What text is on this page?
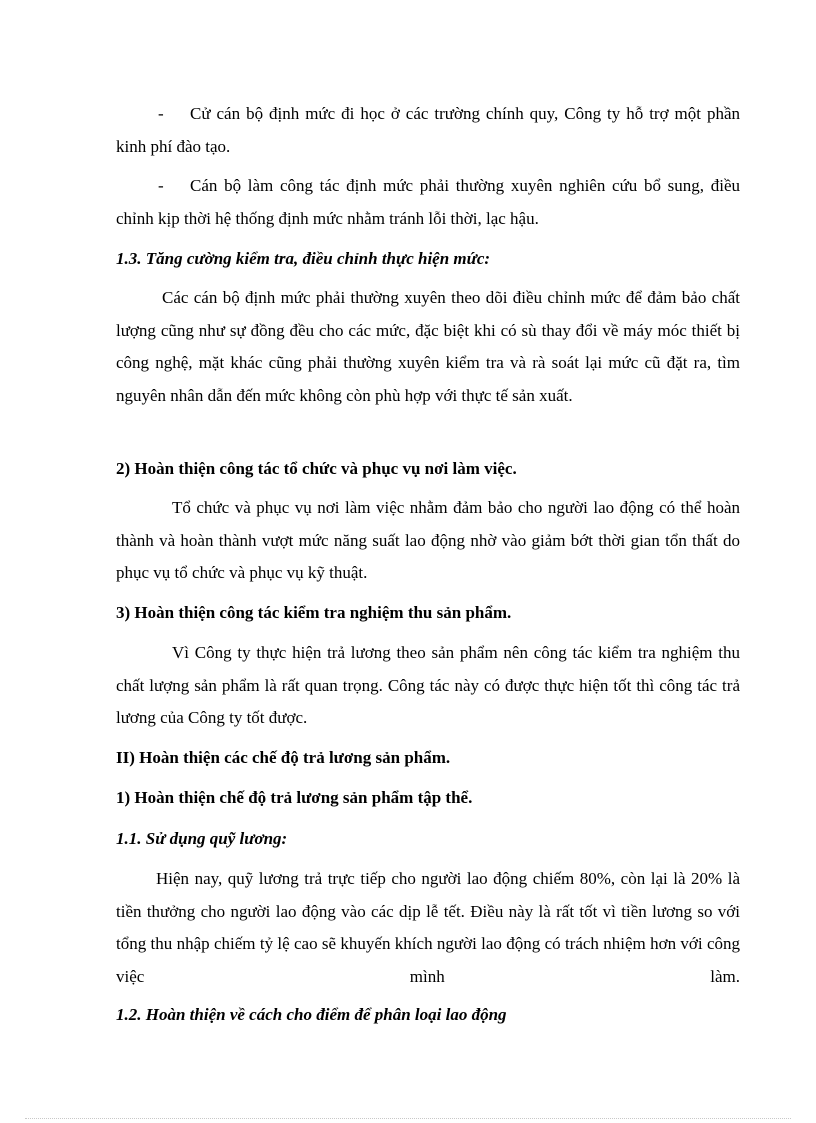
- Cử cán bộ định mức đi học ở các trường chính quy, Công ty hỗ trợ một phần kinh phí đào tạo.

- Cán bộ làm công tác định mức phải thường xuyên nghiên cứu bổ sung, điều chỉnh kịp thời hệ thống định mức nhằm tránh lỗi thời, lạc hậu.

1.3. Tăng cường kiểm tra, điều chỉnh thực hiện mức:

Các cán bộ định mức phải thường xuyên theo dõi điều chỉnh mức để đảm bảo chất lượng cũng như sự đồng đều cho các mức, đặc biệt khi có sù thay đổi về máy móc thiết bị công nghệ, mặt khác cũng phải thường xuyên kiểm tra và rà soát lại mức cũ đặt ra, tìm nguyên nhân dẫn đến mức không còn phù hợp với thực tế sản xuất.

2) Hoàn thiện công tác tổ chức và phục vụ nơi làm việc.

Tổ chức và phục vụ nơi làm việc nhằm đảm bảo cho người lao động có thể hoàn thành và hoàn thành vượt mức năng suất lao động nhờ vào giảm bớt thời gian tổn thất do phục vụ tổ chức và phục vụ kỹ thuật.

3) Hoàn thiện công tác kiểm tra nghiệm thu sản phẩm.

Vì Công ty thực hiện trả lương theo sản phẩm nên công tác kiểm tra nghiệm thu chất lượng sản phẩm là rất quan trọng. Công tác này có được thực hiện tốt thì công tác trả lương của Công ty tốt được.

II) Hoàn thiện các chế độ trả lương sản phẩm.

1) Hoàn thiện chế độ trả lương sản phẩm tập thể.

1.1. Sử dụng quỹ lương:

Hiện nay, quỹ lương trả trực tiếp cho người lao động chiếm 80%, còn lại là 20% là tiền thưởng cho người lao động vào các dịp lễ tết. Điều này là rất tốt vì tiền lương so với tổng thu nhập chiếm tỷ lệ cao sẽ khuyến khích người lao động có trách nhiệm hơn với công việc mình làm.

1.2. Hoàn thiện về cách cho điểm để phân loại lao động
